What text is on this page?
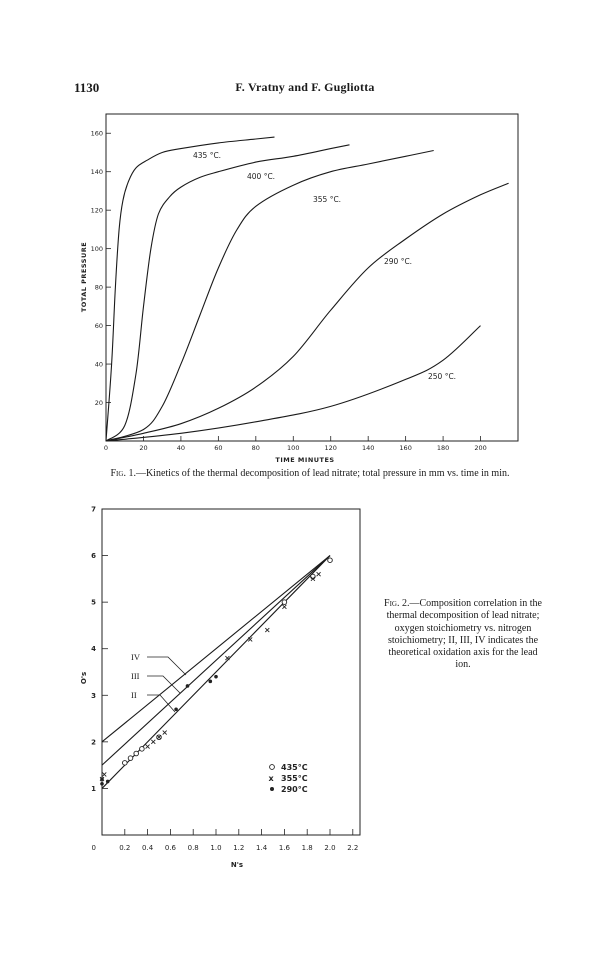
1130	F. Vratny and F. Gugliotta
TOTAL PRESSURE
TIME MINUTES
20
40
60
80
100
120
140
160
0	20	40	60	80	100	120	140	160	180	200
435 °C.
400 °C.
355 °C.
290 °C.
250 °C.
O's
N's
1
2
3
4
5
6
7
0	0.2 0.4 0.6 0.8 1.0 1.2 1.4 1.6 1.8 2.0 2.2
IV
III
II
435°C
x 355°C
290°C
Fig. 1.—Kinetics of the thermal decomposition of lead nitrate; total pressure in mm vs. time in min.
Fig. 2.—Composition correlation in the thermal decomposition of lead nitrate; oxygen stoichiometry vs. nitrogen stoichiometry; II, III, IV indicates the theoretical oxidation axis for the lead ion.
